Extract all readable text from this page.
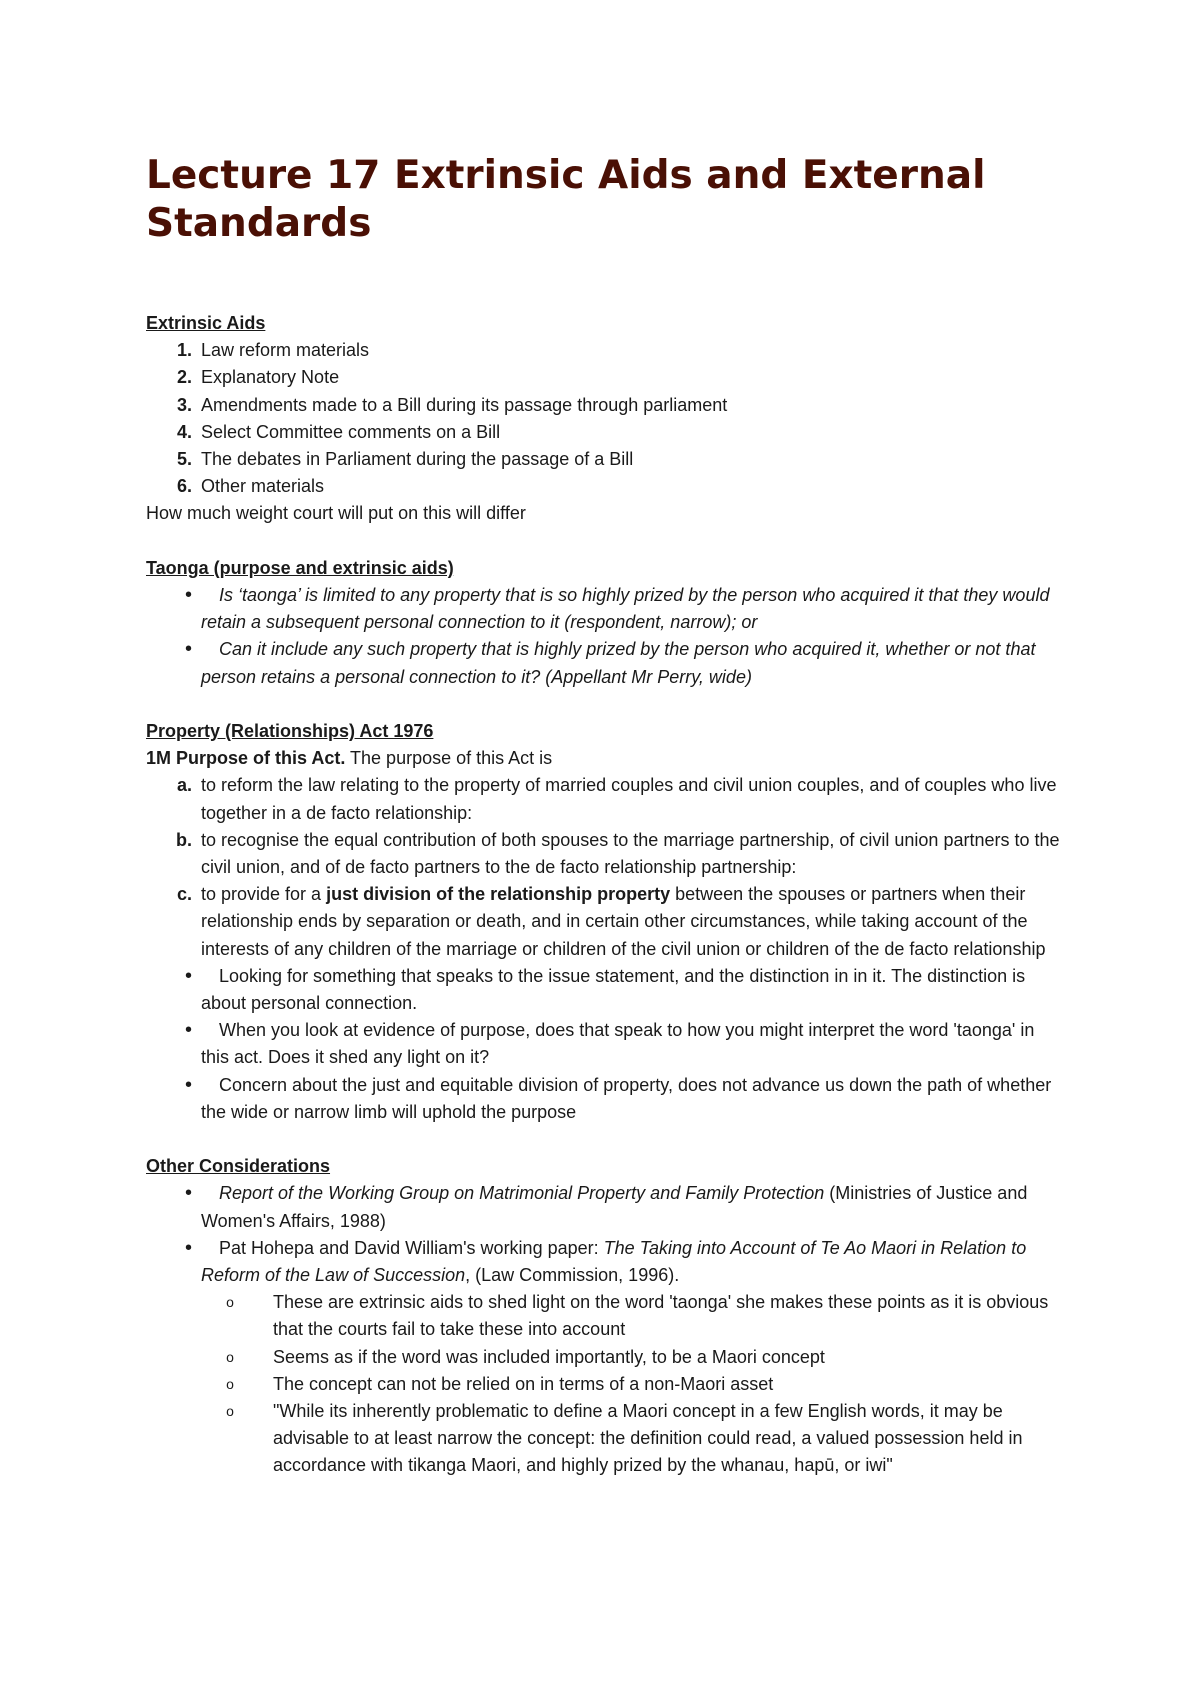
Lecture 17 Extrinsic Aids and External Standards

Extrinsic Aids

1. Law reform materials

2. Explanatory Note

3. Amendments made to a Bill during its passage through parliament

4. Select Committee comments on a Bill

5. The debates in Parliament during the passage of a Bill

6. Other materials

How much weight court will put on this will differ

Taonga (purpose and extrinsic aids)

• Is ‘taonga’ is limited to any property that is so highly prized by the person who acquired it that they would retain a subsequent personal connection to it (respondent, narrow); or

• Can it include any such property that is highly prized by the person who acquired it, whether or not that person retains a personal connection to it? (Appellant Mr Perry, wide)

Property (Relationships) Act 1976

1M Purpose of this Act. The purpose of this Act is

a. to reform the law relating to the property of married couples and civil union couples, and of couples who live together in a de facto relationship:

b. to recognise the equal contribution of both spouses to the marriage partnership, of civil union partners to the civil union, and of de facto partners to the de facto relationship partnership:

c. to provide for a just division of the relationship property between the spouses or partners when their relationship ends by separation or death, and in certain other circumstances, while taking account of the interests of any children of the marriage or children of the civil union or children of the de facto relationship

• Looking for something that speaks to the issue statement, and the distinction in in it. The distinction is about personal connection.

• When you look at evidence of purpose, does that speak to how you might interpret the word 'taonga' in this act. Does it shed any light on it?

• Concern about the just and equitable division of property, does not advance us down the path of whether the wide or narrow limb will uphold the purpose

Other Considerations

• Report of the Working Group on Matrimonial Property and Family Protection (Ministries of Justice and Women's Affairs, 1988)

• Pat Hohepa and David William's working paper: The Taking into Account of Te Ao Maori in Relation to Reform of the Law of Succession, (Law Commission, 1996).

o	These are extrinsic aids to shed light on the word 'taonga' she makes these points as it is obvious that the courts fail to take these into account

o	Seems as if the word was included importantly, to be a Maori concept

o	The concept can not be relied on in terms of a non-Maori asset

o	"While its inherently problematic to define a Maori concept in a few English words, it may be advisable to at least narrow the concept: the definition could read, a valued possession held in accordance with tikanga Maori, and highly prized by the whanau, hapū, or iwi"
